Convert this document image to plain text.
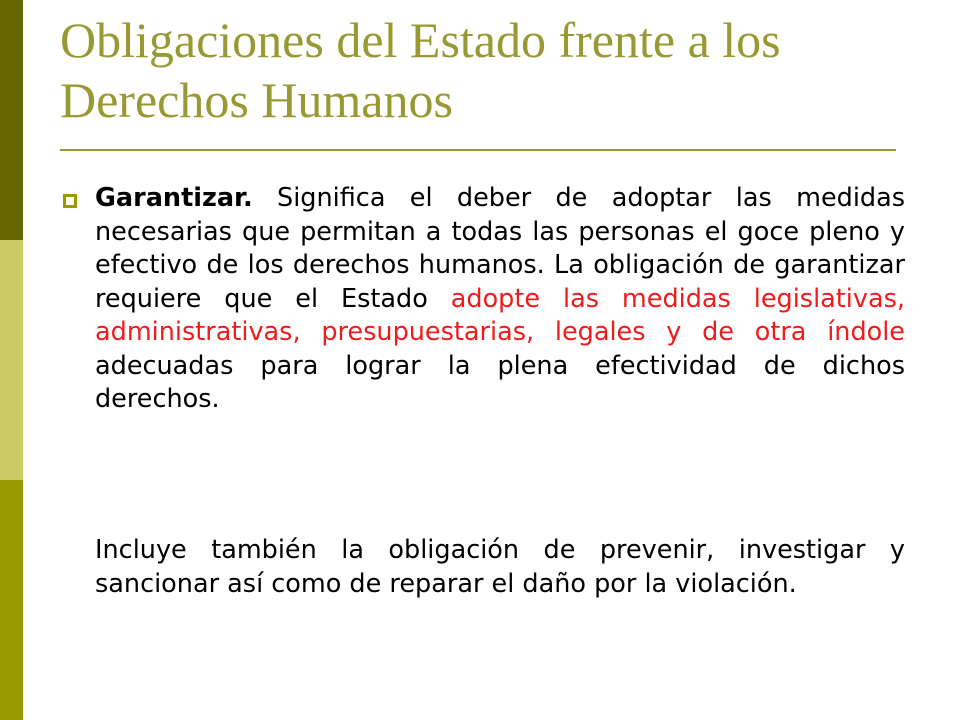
Obligaciones del Estado frente a los Derechos Humanos

Garantizar. Significa el deber de adoptar las medidas necesarias que permitan a todas las personas el goce pleno y efectivo de los derechos humanos. La obligación de garantizar requiere que el Estado adopte las medidas legislativas, administrativas, presupuestarias, legales y de otra índole adecuadas para lograr la plena efectividad de dichos derechos.

Incluye también la obligación de prevenir, investigar y sancionar así como de reparar el daño por la violación.
